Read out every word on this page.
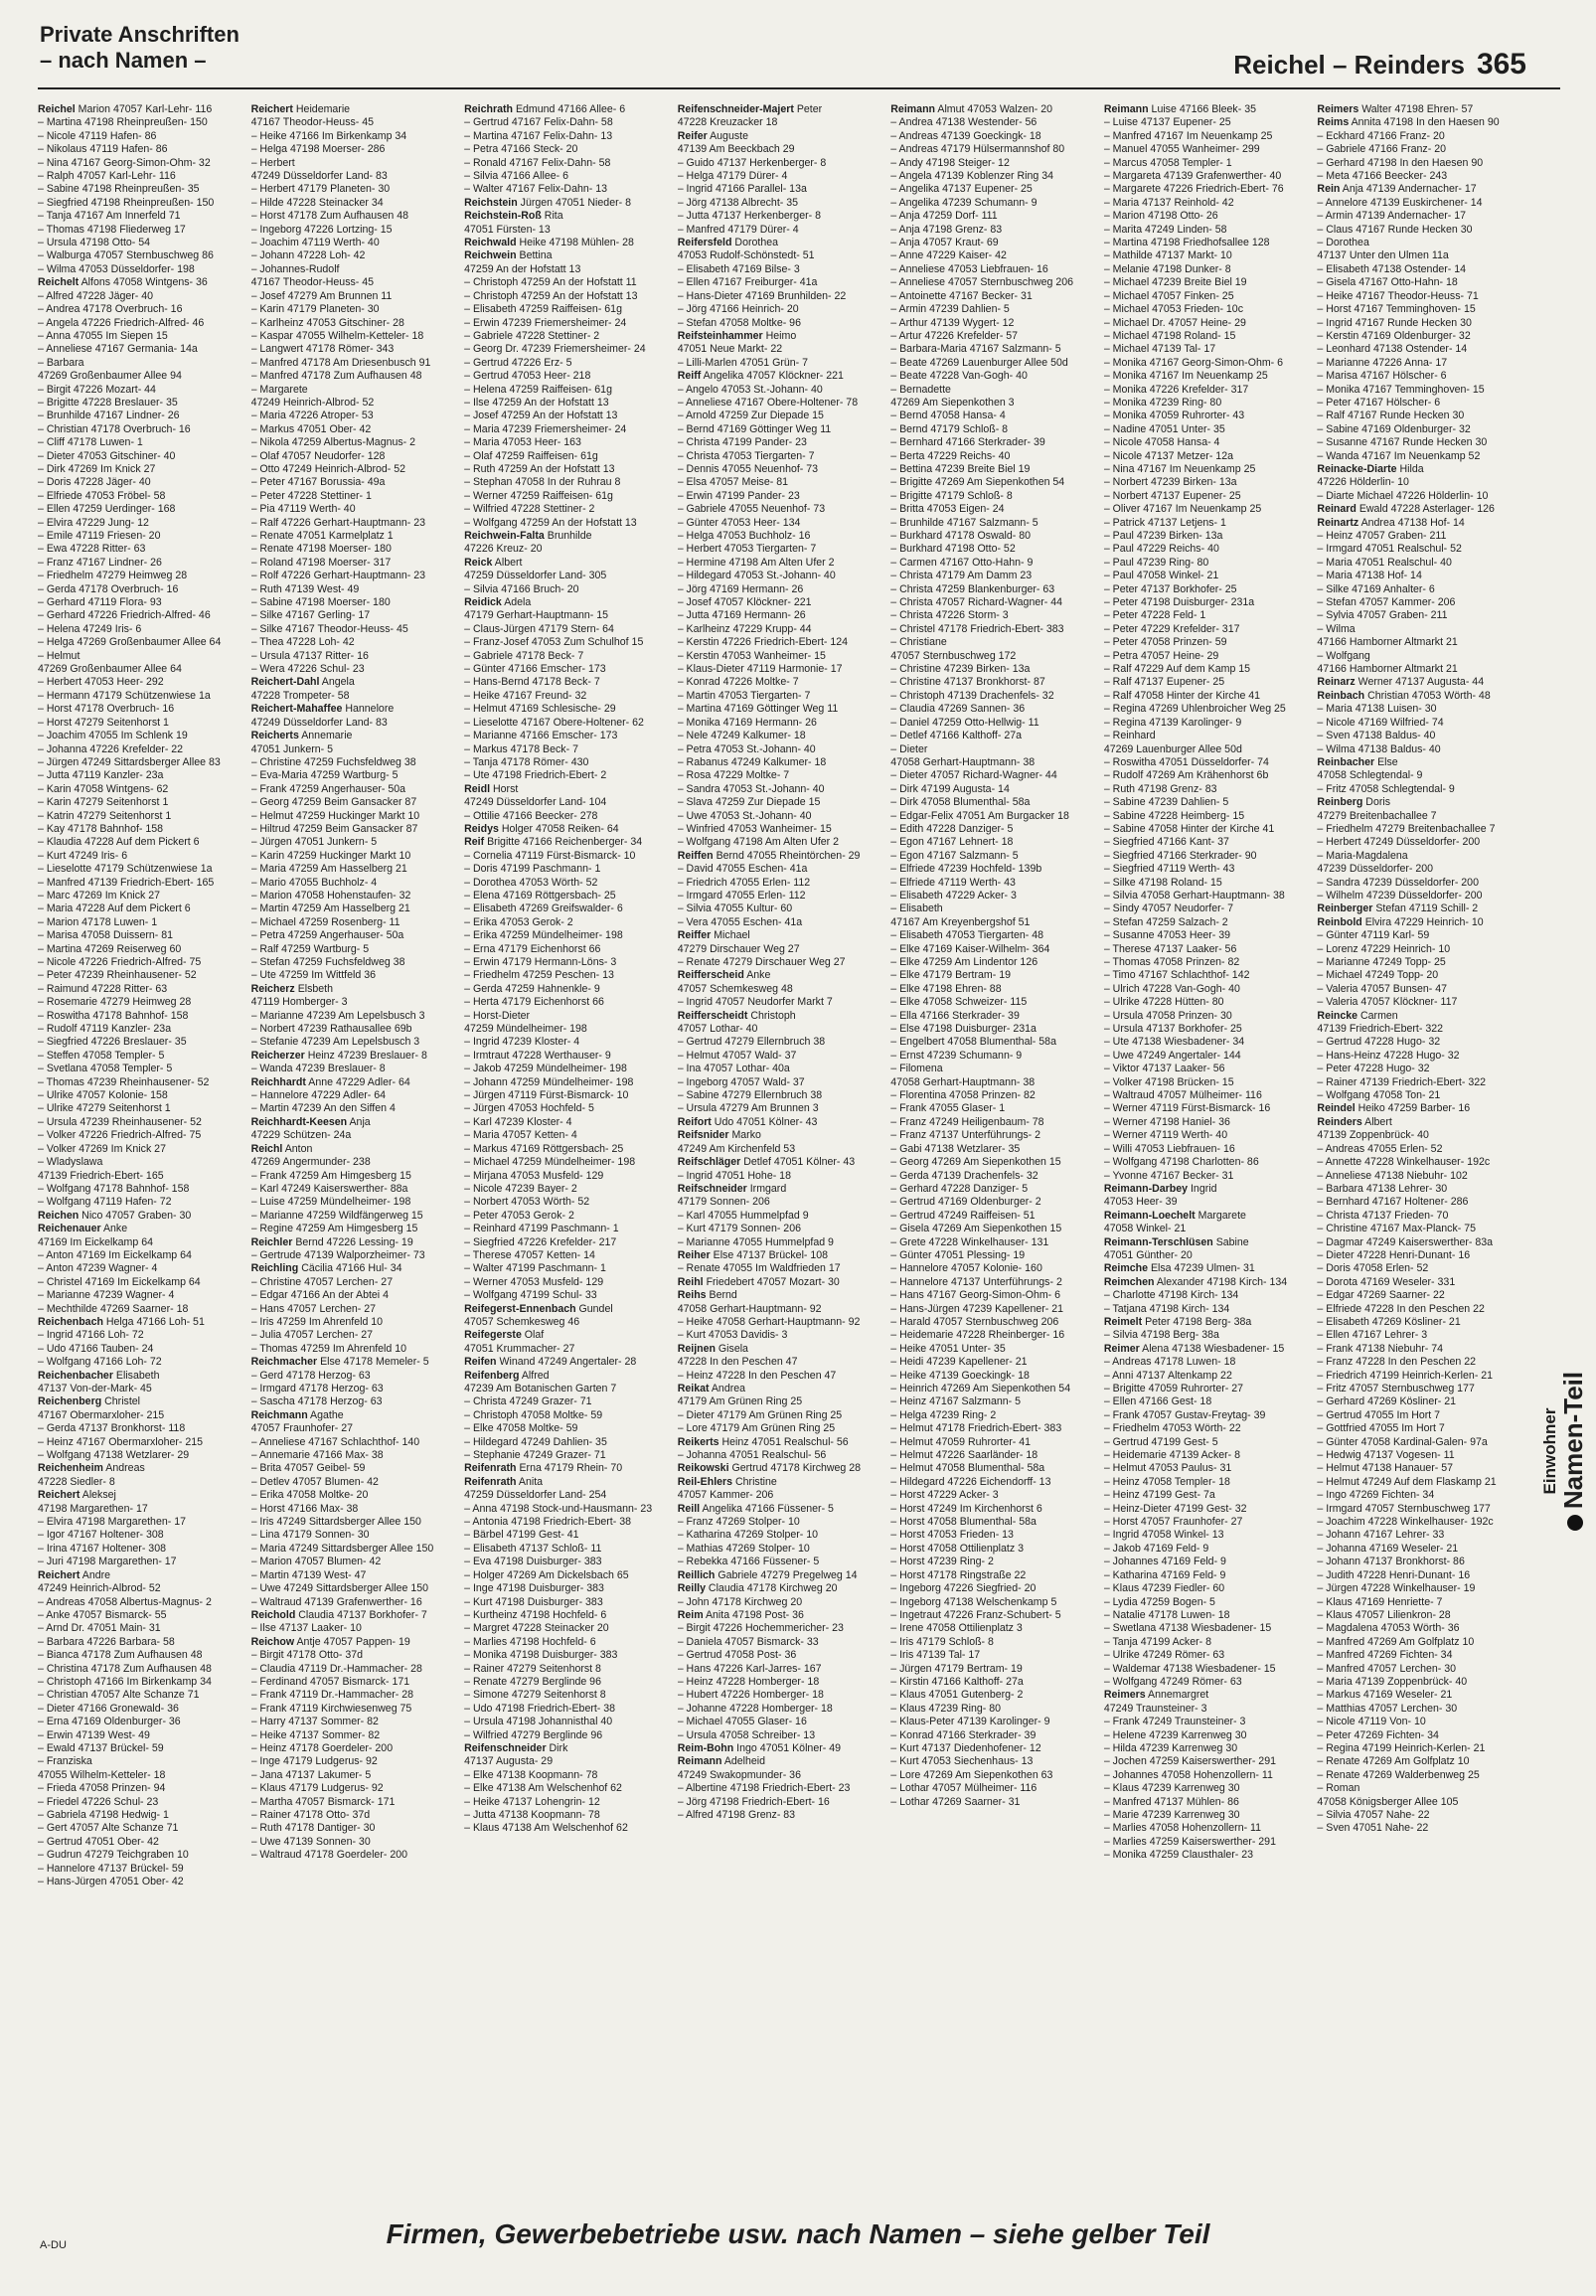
Private Anschriften
– nach Namen –	Reichel – Reinders 365
Reichel Marion 47057 Karl-Lehr- 116
– Martina 47198 Rheinpreußen- 150
– Nicole 47119 Hafen- 86
– Nikolaus 47119 Hafen- 86
– Nina 47167 Georg-Simon-Ohm- 32
– Ralph 47057 Karl-Lehr- 116
– Sabine 47198 Rheinpreußen- 35
– Siegfried 47198 Rheinpreußen- 150
– Tanja 47167 Am Innerfeld 71
– Thomas 47198 Fliederweg 17
– Ursula 47198 Otto- 54
– Walburga 47057 Sternbuschweg 86
– Wilma 47053 Düsseldorfer- 198
Reichelt Alfons 47058 Wintgens- 36
– Alfred 47228 Jäger- 40
– Andrea 47178 Overbruch- 16
– Angela 47226 Friedrich-Alfred- 46
– Anna 47055 Im Siepen 15
– Anneliese 47167 Germania- 14a
– Barbara
47269 Großenbaumer Allee 94
– Birgit 47226 Mozart- 44
– Brigitte 47228 Breslauer- 35
– Brunhilde 47167 Lindner- 26
– Christian 47178 Overbruch- 16
– Cliff 47178 Luwen- 1
– Dieter 47053 Gitschiner- 40
– Dirk 47269 Im Knick 27
– Doris 47228 Jäger- 40
– Elfriede 47053 Fröbel- 58
– Ellen 47259 Uerdinger- 168
– Elvira 47229 Jung- 12
– Emile 47119 Friesen- 20
– Ewa 47228 Ritter- 63
– Franz 47167 Lindner- 26
– Friedhelm 47279 Heimweg 28
– Gerda 47178 Overbruch- 16
– Gerhard 47119 Flora- 93
– Gerhard 47226 Friedrich-Alfred- 46
– Helena 47249 Iris- 6
– Helga 47269 Großenbaumer Allee 64
– Helmut
47269 Großenbaumer Allee 64
– Herbert 47053 Heer- 292
– Hermann 47179 Schützenwiese 1a
– Horst 47178 Overbruch- 16
– Horst 47279 Seitenhorst 1
– Joachim 47055 Im Schlenk 19
– Johanna 47226 Krefelder- 22
– Jürgen 47249 Sittardsberger Allee 83
– Jutta 47119 Kanzler- 23a
– Karin 47058 Wintgens- 62
– Karin 47279 Seitenhorst 1
– Katrin 47279 Seitenhorst 1
– Kay 47178 Bahnhof- 158
– Klaudia 47228 Auf dem Pickert 6
– Kurt 47249 Iris- 6
– Lieselotte 47179 Schützenwiese 1a
– Manfred 47139 Friedrich-Ebert- 165
– Marc 47269 Im Knick 27
– Maria 47228 Auf dem Pickert 6
– Marion 47178 Luwen- 1
– Marisa 47058 Duissern- 81
– Martina 47269 Reiserweg 60
– Nicole 47226 Friedrich-Alfred- 75
– Peter 47239 Rheinhausener- 52
– Raimund 47228 Ritter- 63
– Rosemarie 47279 Heimweg 28
– Roswitha 47178 Bahnhof- 158
– Rudolf 47119 Kanzler- 23a
– Siegfried 47226 Breslauer- 35
– Steffen 47058 Templer- 5
– Svetlana 47058 Templer- 5
– Thomas 47239 Rheinhausener- 52
– Ulrike 47057 Kolonie- 158
– Ulrike 47279 Seitenhorst 1
– Ursula 47239 Rheinhausener- 52
– Volker 47226 Friedrich-Alfred- 75
– Volker 47269 Im Knick 27
– Wladyslawa
47139 Friedrich-Ebert- 165
– Wolfgang 47178 Bahnhof- 158
– Wolfgang 47119 Hafen- 72
Reichen Nico 47057 Graben- 30
Reichenauer Anke
47169 Im Eickelkamp 64
– Anton 47169 Im Eickelkamp 64
– Anton 47239 Wagner- 4
– Christel 47169 Im Eickelkamp 64
– Marianne 47239 Wagner- 4
– Mechthilde 47269 Saarner- 18
Reichenbach Helga 47166 Loh- 51
– Ingrid 47166 Loh- 72
– Udo 47166 Tauben- 24
– Wolfgang 47166 Loh- 72
Reichenbacher Elisabeth
47137 Von-der-Mark- 45
Reichenberg Christel
47167 Obermarxloher- 215
– Gerda 47137 Bronkhorst- 118
– Heinz 47167 Obermarxloher- 215
– Wolfgang 47138 Wetzlarer- 29
Reichenheim Andreas
47228 Siedler- 8
Reichert Aleksej
47198 Margarethen- 17
– Elvira 47198 Margarethen- 17
– Igor 47167 Holtener- 308
– Irina 47167 Holtener- 308
– Juri 47198 Margarethen- 17
Reichert Andre
47249 Heinrich-Albrod- 52
– Andreas 47058 Albertus-Magnus- 2
– Anke 47057 Bismarck- 55
– Arnd Dr. 47051 Main- 31
– Barbara 47226 Barbara- 58
– Bianca 47178 Zum Aufhausen 48
– Christina 47178 Zum Aufhausen 48
– Christoph 47166 Im Birkenkamp 34
– Christian 47057 Alte Schanze 71
– Dieter 47166 Gronewald- 36
– Erna 47169 Oldenburger- 36
– Erwin 47139 West- 49
– Ewald 47137 Brückel- 59
– Franziska
47055 Wilhelm-Ketteler- 18
– Frieda 47058 Prinzen- 94
– Friedel 47226 Schul- 23
– Gabriela 47198 Hedwig- 1
– Gert 47057 Alte Schanze 71
– Gertrud 47051 Ober- 42
– Gudrun 47279 Teichgraben 10
– Hannelore 47137 Brückel- 59
– Hans-Jürgen 47051 Ober- 42
Reichert Heidemarie
47167 Theodor-Heuss- 45
– Heike 47166 Im Birkenkamp 34
– Helga 47198 Moerser- 286
– Herbert
47249 Düsseldorfer Land- 83
– Herbert 47179 Planeten- 30
– Hilde 47228 Steinacker 34
– Horst 47178 Zum Aufhausen 48
– Ingeborg 47226 Lortzing- 15
– Joachim 47119 Werth- 40
– Johann 47228 Loh- 42
– Johannes-Rudolf
47167 Theodor-Heuss- 45
– Josef 47279 Am Brunnen 11
– Karin 47179 Planeten- 30
– Karlheinz 47053 Gitschiner- 28
– Kaspar 47055 Wilhelm-Ketteler- 18
– Langwert 47178 Römer- 343
– Manfred 47178 Am Driesenbusch 91
– Manfred 47178 Zum Aufhausen 48
– Margarete
47249 Heinrich-Albrod- 52
– Maria 47226 Atroper- 53
– Markus 47051 Ober- 42
– Nikola 47259 Albertus-Magnus- 2
– Olaf 47057 Neudorfer- 128
– Otto 47249 Heinrich-Albrod- 52
– Peter 47167 Borussia- 49a
– Peter 47228 Stettiner- 1
– Pia 47119 Werth- 40
– Ralf 47226 Gerhart-Hauptmann- 23
– Renate 47051 Karmelplatz 1
– Renate 47198 Moerser- 180
– Roland 47198 Moerser- 317
– Rolf 47226 Gerhart-Hauptmann- 23
– Ruth 47139 West- 49
– Sabine 47198 Moerser- 180
– Silke 47167 Gerling- 17
– Silke 47167 Theodor-Heuss- 45
– Thea 47228 Loh- 42
– Ursula 47137 Ritter- 16
– Wera 47226 Schul- 23
Reichert-Dahl Angela
47228 Trompeter- 58
Reichert-Mahaffee Hannelore
47249 Düsseldorfer Land- 83
Reicherts Annemarie
47051 Junkern- 5
– Christine 47259 Fuchsfeldweg 38
– Eva-Maria 47259 Wartburg- 5
– Frank 47259 Angerhauser- 50a
– Georg 47259 Beim Gansacker 87
– Helmut 47259 Huckinger Markt 10
– Hiltrud 47259 Beim Gansacker 87
– Jürgen 47051 Junkern- 5
– Karin 47259 Huckinger Markt 10
– Maria 47259 Am Hasselberg 21
– Mario 47055 Buchholz- 4
– Marion 47058 Hohenstaufen- 32
– Martin 47259 Am Hasselberg 21
– Michael 47259 Rosenberg- 11
– Petra 47259 Angerhauser- 50a
– Ralf 47259 Wartburg- 5
– Stefan 47259 Fuchsfeldweg 38
– Ute 47259 Im Wittfeld 36
Reicherz Elsbeth
47119 Homberger- 3
– Marianne 47239 Am Lepelsbusch 3
– Norbert 47239 Rathausallee 69b
– Stefanie 47239 Am Lepelsbusch 3
Reicherzer Heinz 47239 Breslauer- 8
– Wanda 47239 Breslauer- 8
Reichhardt Anne 47229 Adler- 64
– Hannelore 47229 Adler- 64
– Martin 47239 An den Siffen 4
Reichhardt-Keesen Anja
47229 Schützen- 24a
Reichl Anton
47269 Angermunder- 238
– Frank 47259 Am Himgesberg 15
– Karl 47249 Kaiserswerther- 88a
– Luise 47259 Mündelheimer- 198
– Marianne 47259 Wildfängerweg 15
– Regine 47259 Am Himgesberg 15
Reichler Bernd 47226 Lessing- 19
– Gertrude 47139 Walporzheimer- 73
Reichling Cäcilia 47166 Hul- 34
– Christine 47057 Lerchen- 27
– Edgar 47166 An der Abtei 4
– Hans 47057 Lerchen- 27
– Iris 47259 Im Ahrenfeld 10
– Julia 47057 Lerchen- 27
– Thomas 47259 Im Ahrenfeld 10
Reichmacher Else 47178 Memeler- 5
– Gerd 47178 Herzog- 63
– Irmgard 47178 Herzog- 63
– Sascha 47178 Herzog- 63
Reichmann Agathe
47057 Fraunhofer- 27
– Anneliese 47167 Schlachthof- 140
– Annemarie 47166 Max- 38
– Brita 47057 Geibel- 59
– Detlev 47057 Blumen- 42
– Erika 47058 Moltke- 20
– Horst 47166 Max- 38
– Iris 47249 Sittardsberger Allee 150
– Lina 47179 Sonnen- 30
– Maria 47249 Sittardsberger Allee 150
– Marion 47057 Blumen- 42
– Martin 47139 West- 47
– Uwe 47249 Sittardsberger Allee 150
– Waltraud 47139 Grafenwerther- 16
Reichold Claudia 47137 Borkhofer- 7
– Ilse 47137 Laaker- 10
Reichow Antje 47057 Pappen- 19
– Birgit 47178 Otto- 37d
– Claudia 47119 Dr.-Hammacher- 28
– Ferdinand 47057 Bismarck- 171
– Frank 47119 Dr.-Hammacher- 28
– Frank 47119 Kirchwiesenweg 75
– Harry 47137 Sommer- 82
– Heike 47137 Sommer- 82
– Heinz 47178 Goerdeler- 200
– Inge 47179 Ludgerus- 92
– Jana 47137 Lakumer- 5
– Klaus 47179 Ludgerus- 92
– Martha 47057 Bismarck- 171
– Rainer 47178 Otto- 37d
– Ruth 47178 Dantiger- 30
– Uwe 47139 Sonnen- 30
– Waltraud 47178 Goerdeler- 200
Reichrath Edmund 47166 Allee- 6
– Gertrud 47167 Felix-Dahn- 58
– Martina 47167 Felix-Dahn- 13
– Petra 47166 Steck- 20
– Ronald 47167 Felix-Dahn- 58
– Silvia 47166 Allee- 6
– Walter 47167 Felix-Dahn- 13
Reichstein Jürgen 47051 Nieder- 8
Reichstein-Roß Rita
47051 Fürsten- 13
Reichwald Heike 47198 Mühlen- 28
Reichwein Bettina
47259 An der Hofstatt 13
– Christoph 47259 An der Hofstatt 11
– Christoph 47259 An der Hofstatt 13
– Elisabeth 47259 Raiffeisen- 61g
– Erwin 47239 Friemersheimer- 24
– Gabriele 47228 Stettiner- 2
– Georg Dr. 47239 Friemersheimer- 24
– Gertrud 47226 Erz- 5
– Gertrud 47053 Heer- 218
– Helena 47259 Raiffeisen- 61g
– Ilse 47259 An der Hofstatt 13
– Josef 47259 An der Hofstatt 13
– Maria 47239 Friemersheimer- 24
– Maria 47053 Heer- 163
– Olaf 47259 Raiffeisen- 61g
– Ruth 47259 An der Hofstatt 13
– Stephan 47058 In der Ruhrau 8
– Werner 47259 Raiffeisen- 61g
– Wilfried 47228 Stettiner- 2
– Wolfgang 47259 An der Hofstatt 13
Reichwein-Falta Brunhilde
47226 Kreuz- 20
Reick Albert
47259 Düsseldorfer Land- 305
– Silvia 47166 Bruch- 20
Reidick Adela
47179 Gerhart-Hauptmann- 15
– Claus-Jürgen 47179 Stern- 64
– Franz-Josef 47053 Zum Schulhof 15
– Gabriele 47178 Beck- 7
– Günter 47166 Emscher- 173
– Hans-Bernd 47178 Beck- 7
– Heike 47167 Freund- 32
– Helmut 47169 Schlesische- 29
– Lieselotte 47167 Obere-Holtener- 62
– Marianne 47166 Emscher- 173
– Markus 47178 Beck- 7
– Tanja 47178 Römer- 430
– Ute 47198 Friedrich-Ebert- 2
Reidl Horst
47249 Düsseldorfer Land- 104
– Ottilie 47166 Beecker- 278
Reidys Holger 47058 Reiken- 64
Reif Brigitte 47166 Reichenberger- 34
– Cornelia 47119 Fürst-Bismarck- 10
– Doris 47199 Paschmann- 1
– Dorothea 47053 Wörth- 52
– Elena 47169 Röttgersbach- 25
– Elisabeth 47269 Greifswalder- 6
– Erika 47053 Gerok- 2
– Erika 47259 Mündelheimer- 198
– Erna 47179 Eichenhorst 66
– Erwin 47179 Hermann-Löns- 3
– Friedhelm 47259 Peschen- 13
– Gerda 47259 Hahnenkle- 9
– Herta 47179 Eichenhorst 66
– Horst-Dieter
47259 Mündelheimer- 198
– Ingrid 47239 Kloster- 4
– Irmtraut 47228 Werthauser- 9
– Jakob 47259 Mündelheimer- 198
– Johann 47259 Mündelheimer- 198
– Jürgen 47119 Fürst-Bismarck- 10
– Jürgen 47053 Hochfeld- 5
– Karl 47239 Kloster- 4
– Maria 47057 Ketten- 4
– Markus 47169 Röttgersbach- 25
– Michael 47259 Mündelheimer- 198
– Mirjana 47053 Musfeld- 129
– Nicole 47239 Bayer- 2
– Norbert 47053 Wörth- 52
– Peter 47053 Gerok- 2
– Reinhard 47199 Paschmann- 1
– Siegfried 47226 Krefelder- 217
– Therese 47057 Ketten- 14
– Walter 47199 Paschmann- 1
– Werner 47053 Musfeld- 129
– Wolfgang 47199 Schul- 33
Reifegerst-Ennenbach Gundel
47057 Schemkesweg 46
Reifegerste Olaf
47051 Krummacher- 27
Reifen Winand 47249 Angertaler- 28
Reifenberg Alfred
47239 Am Botanischen Garten 7
– Christa 47249 Grazer- 71
– Christoph 47058 Moltke- 59
– Elke 47058 Moltke- 59
– Hildegard 47249 Dahlien- 35
– Stephanie 47249 Grazer- 71
Reifenrath Erna 47179 Rhein- 70
Reifenrath Anita
47259 Düsseldorfer Land- 254
– Anna 47198 Stock-und-Hausmann- 23
– Antonia 47198 Friedrich-Ebert- 38
– Bärbel 47199 Gest- 41
– Elisabeth 47137 Schloß- 11
– Eva 47198 Duisburger- 383
– Holger 47269 Am Dickelsbach 65
– Inge 47198 Duisburger- 383
– Kurt 47198 Duisburger- 383
– Kurtheinz 47198 Hochfeld- 6
– Margret 47228 Steinacker 20
– Marlies 47198 Hochfeld- 6
– Monika 47198 Duisburger- 383
– Rainer 47279 Seitenhorst 8
– Renate 47279 Berglinde 96
– Simone 47279 Seitenhorst 8
– Udo 47198 Friedrich-Ebert- 38
– Ursula 47198 Johannisthal 40
– Wilfried 47279 Berglinde 96
Reifenschneider Dirk
47137 Augusta- 29
– Elke 47138 Koopmann- 78
– Elke 47138 Am Welschenhof 62
– Heike 47137 Lohengrin- 12
– Jutta 47138 Koopmann- 78
– Klaus 47138 Am Welschenhof 62
Reifenschneider-Majert Peter
47228 Kreuzacker 18
Reifer Auguste
47139 Am Beeckbach 29
– Guido 47137 Herkenberger- 8
– Helga 47179 Dürer- 4
– Ingrid 47166 Parallel- 13a
– Jörg 47138 Albrecht- 35
– Jutta 47137 Herkenberger- 8
– Manfred 47179 Dürer- 4
Reifersfeld Dorothea
47053 Rudolf-Schönstedt- 51
– Elisabeth 47169 Bilse- 3
– Ellen 47167 Freiburger- 41a
– Hans-Dieter 47169 Brunhilden- 22
– Jörg 47166 Heinrich- 20
– Stefan 47058 Moltke- 96
Reifsteinhammer Heimo
47051 Neue Markt- 22
– Lilli-Marlen 47051 Grün- 7
Reiff Angelika 47057 Klöckner- 221
– Angelo 47053 St.-Johann- 40
– Anneliese 47167 Obere-Holtener- 78
– Arnold 47259 Zur Diepade 15
– Bernd 47169 Göttinger Weg 11
– Christa 47199 Pander- 23
– Christa 47053 Tiergarten- 7
– Dennis 47055 Neuenhof- 73
– Elsa 47057 Meise- 81
– Erwin 47199 Pander- 23
– Gabriele 47055 Neuenhof- 73
– Günter 47053 Heer- 134
– Helga 47053 Buchholz- 16
– Herbert 47053 Tiergarten- 7
– Hermine 47198 Am Alten Ufer 2
– Hildegard 47053 St.-Johann- 40
– Jörg 47169 Hermann- 26
– Josef 47057 Klöckner- 221
– Jutta 47169 Hermann- 26
– Karlheinz 47229 Krupp- 44
– Kerstin 47226 Friedrich-Ebert- 124
– Kerstin 47053 Wanheimer- 15
– Klaus-Dieter 47119 Harmonie- 17
– Konrad 47226 Moltke- 7
– Martin 47053 Tiergarten- 7
– Martina 47169 Göttinger Weg 11
– Monika 47169 Hermann- 26
– Nele 47249 Kalkumer- 18
– Petra 47053 St.-Johann- 40
– Rabanus 47249 Kalkumer- 18
– Rosa 47229 Moltke- 7
– Sandra 47053 St.-Johann- 40
– Slava 47259 Zur Diepade 15
– Uwe 47053 St.-Johann- 40
– Winfried 47053 Wanheimer- 15
– Wolfgang 47198 Am Alten Ufer 2
Reiffen Bernd 47055 Rheintörchen- 29
– David 47055 Eschen- 41a
– Friedrich 47055 Erlen- 112
– Irmgard 47055 Erlen- 112
– Silvia 47055 Kultur- 60
– Vera 47055 Eschen- 41a
Reiffer Michael
47279 Dirschauer Weg 27
– Renate 47279 Dirschauer Weg 27
Reifferscheid Anke
47057 Schemkesweg 48
– Ingrid 47057 Neudorfer Markt 7
Reifferscheidt Christoph
47057 Lothar- 40
– Gertrud 47279 Ellernbruch 38
– Helmut 47057 Wald- 37
– Ina 47057 Lothar- 40a
– Ingeborg 47057 Wald- 37
– Sabine 47279 Ellernbruch 38
– Ursula 47279 Am Brunnen 3
Reifort Udo 47051 Kölner- 43
Reifsnider Marko
47249 Am Kirchenfeld 53
Reifschläger Detlef 47051 Kölner- 43
– Ingrid 47051 Hohe- 18
Reifschneider Irmgard
47179 Sonnen- 206
– Karl 47055 Hummelpfad 9
– Kurt 47179 Sonnen- 206
– Marianne 47055 Hummelpfad 9
Reiher Else 47137 Brückel- 108
– Renate 47055 Im Waldfrieden 17
Reihl Friedebert 47057 Mozart- 30
Reihs Bernd
47058 Gerhart-Hauptmann- 92
– Heike 47058 Gerhart-Hauptmann- 92
– Kurt 47053 Davidis- 3
Reijnen Gisela
47228 In den Peschen 47
– Heinz 47228 In den Peschen 47
Reikat Andrea
47179 Am Grünen Ring 25
– Dieter 47179 Am Grünen Ring 25
– Lore 47179 Am Grünen Ring 25
Reikerts Heinz 47051 Realschul- 56
– Johanna 47051 Realschul- 56
Reikowski Gertrud 47178 Kirchweg 28
Reil-Ehlers Christine
47057 Kammer- 206
Reill Angelika 47166 Füssener- 5
– Franz 47269 Stolper- 10
– Katharina 47269 Stolper- 10
– Mathias 47269 Stolper- 10
– Rebekka 47166 Füssener- 5
Reillich Gabriele 47279 Pregelweg 14
Reilly Claudia 47178 Kirchweg 20
– John 47178 Kirchweg 20
Reim Anita 47198 Post- 36
– Birgit 47226 Hochemmericher- 23
– Daniela 47057 Bismarck- 33
– Gertrud 47058 Post- 36
– Hans 47226 Karl-Jarres- 167
– Heinz 47228 Homberger- 18
– Hubert 47226 Homberger- 18
– Johanne 47228 Homberger- 18
– Michael 47055 Glaser- 16
– Ursula 47058 Schreiber- 13
Reim-Bohn Ingo 47051 Kölner- 49
Reimann Adelheid
47249 Swakopmunder- 36
– Albertine 47198 Friedrich-Ebert- 23
– Jörg 47198 Friedrich-Ebert- 16
– Alfred 47198 Grenz- 83
Reimann Almut 47053 Walzen- 20
– Andrea 47138 Westender- 56
– Andreas 47139 Goeckingk- 18
– Andreas 47179 Hülsermannshof 80
– Andy 47198 Steiger- 12
– Angela 47139 Koblenzer Ring 34
– Angelika 47137 Eupener- 25
– Angelika 47239 Schumann- 9
– Anja 47259 Dorf- 111
– Anja 47198 Grenz- 83
– Anja 47057 Kraut- 69
– Anne 47229 Kaiser- 42
– Anneliese 47053 Liebfrauen- 16
– Anneliese 47057 Sternbuschweg 206
– Antoinette 47167 Becker- 31
– Armin 47239 Dahlien- 5
– Arthur 47139 Wygert- 12
– Artur 47226 Krefelder- 57
– Barbara-Maria 47167 Salzmann- 5
– Beate 47269 Lauenburger Allee 50d
– Beate 47228 Van-Gogh- 40
– Bernadette
47269 Am Siepenkothen 3
– Bernd 47058 Hansa- 4
– Bernd 47179 Schloß- 8
– Bernhard 47166 Sterkrader- 39
– Berta 47229 Reichs- 40
– Bettina 47239 Breite Biel 19
– Brigitte 47269 Am Siepenkothen 54
– Brigitte 47179 Schloß- 8
– Britta 47053 Eigen- 24
– Brunhilde 47167 Salzmann- 5
– Burkhard 47178 Oswald- 80
– Burkhard 47198 Otto- 52
– Carmen 47167 Otto-Hahn- 9
– Christa 47179 Am Damm 23
– Christa 47259 Blankenburger- 63
– Christa 47057 Richard-Wagner- 44
– Christa 47226 Storm- 3
– Christel 47178 Friedrich-Ebert- 383
– Christiane
47057 Sternbuschweg 172
– Christine 47239 Birken- 13a
– Christine 47137 Bronkhorst- 87
– Christoph 47139 Drachenfels- 32
– Claudia 47269 Sannen- 36
– Daniel 47259 Otto-Hellwig- 11
– Detlef 47166 Kalthoff- 27a
– Dieter
47058 Gerhart-Hauptmann- 38
– Dieter 47057 Richard-Wagner- 44
– Dirk 47199 Augusta- 14
– Dirk 47058 Blumenthal- 58a
– Edgar-Felix 47051 Am Burgacker 18
– Edith 47228 Danziger- 5
– Egon 47167 Lehnert- 18
– Egon 47167 Salzmann- 5
– Elfriede 47239 Hochfeld- 139b
– Elfriede 47119 Werth- 43
– Elisabeth 47229 Acker- 3
– Elisabeth
47167 Am Kreyenbergshof 51
– Elisabeth 47053 Tiergarten- 48
– Elke 47169 Kaiser-Wilhelm- 364
– Elke 47259 Am Lindentor 126
– Elke 47179 Bertram- 19
– Elke 47198 Ehren- 88
– Elke 47058 Schweizer- 115
– Ella 47166 Sterkrader- 39
– Else 47198 Duisburger- 231a
– Engelbert 47058 Blumenthal- 58a
– Ernst 47239 Schumann- 9
– Filomena
47058 Gerhart-Hauptmann- 38
– Florentina 47058 Prinzen- 82
– Frank 47055 Glaser- 1
– Franz 47249 Heiligenbaum- 78
– Franz 47137 Unterführungs- 2
– Gabi 47138 Wetzlarer- 35
– Georg 47269 Am Siepenkothen 15
– Gerda 47139 Drachenfels- 32
– Gerhard 47228 Danziger- 5
– Gertrud 47169 Oldenburger- 2
– Gertrud 47249 Raiffeisen- 51
– Gisela 47269 Am Siepenkothen 15
– Grete 47228 Winkelhauser- 131
– Günter 47051 Plessing- 19
– Hannelore 47057 Kolonie- 160
– Hannelore 47137 Unterführungs- 2
– Hans 47167 Georg-Simon-Ohm- 6
– Hans-Jürgen 47239 Kapellener- 21
– Harald 47057 Sternbuschweg 206
– Heidemarie 47228 Rheinberger- 16
– Heike 47051 Unter- 35
– Heidi 47239 Kapellener- 21
– Heike 47139 Goeckingk- 18
– Heinrich 47269 Am Siepenkothen 54
– Heinz 47167 Salzmann- 5
– Helga 47239 Ring- 2
– Helmut 47178 Friedrich-Ebert- 383
– Helmut 47059 Ruhrorter- 41
– Helmut 47226 Saarländer- 18
– Helmut 47058 Blumenthal- 58a
– Hildegard 47226 Eichendorff- 13
– Horst 47229 Acker- 3
– Horst 47249 Im Kirchenhorst 6
– Horst 47058 Blumenthal- 58a
– Horst 47053 Frieden- 13
– Horst 47058 Ottilienplatz 3
– Horst 47239 Ring- 2
– Horst 47178 Ringstraße 22
– Ingeborg 47226 Siegfried- 20
– Ingeborg 47138 Welschenkamp 5
– Ingetraut 47226 Franz-Schubert- 5
– Irene 47058 Ottilienplatz 3
– Iris 47179 Schloß- 8
– Iris 47139 Tal- 17
– Jürgen 47179 Bertram- 19
– Kirstin 47166 Kalthoff- 27a
– Klaus 47051 Gutenberg- 2
– Klaus 47239 Ring- 80
– Klaus-Peter 47139 Karolinger- 9
– Konrad 47166 Sterkrader- 39
– Kurt 47137 Diedenhofener- 12
– Kurt 47053 Siechenhaus- 13
– Lore 47269 Am Siepenkothen 63
– Lothar 47057 Mülheimer- 116
– Lothar 47269 Saarner- 31
Reimann Luise 47166 Bleek- 35
– Luise 47137 Eupener- 25
– Manfred 47167 Im Neuenkamp 25
– Manuel 47055 Wanheimer- 299
– Marcus 47058 Templer- 1
– Margareta 47139 Grafenwerther- 40
– Margarete 47226 Friedrich-Ebert- 76
– Maria 47137 Reinhold- 42
– Marion 47198 Otto- 26
– Marita 47249 Linden- 58
– Martina 47198 Friedhofsallee 128
– Mathilde 47137 Markt- 10
– Melanie 47198 Dunker- 8
– Michael 47239 Breite Biel 19
– Michael 47057 Finken- 25
– Michael 47053 Frieden- 10c
– Michael Dr. 47057 Heine- 29
– Michael 47198 Roland- 15
– Michael 47139 Tal- 17
– Monika 47167 Georg-Simon-Ohm- 6
– Monika 47167 Im Neuenkamp 25
– Monika 47226 Krefelder- 317
– Monika 47239 Ring- 80
– Monika 47059 Ruhrorter- 43
– Nadine 47051 Unter- 35
– Nicole 47058 Hansa- 4
– Nicole 47137 Metzer- 12a
– Nina 47167 Im Neuenkamp 25
– Norbert 47239 Birken- 13a
– Norbert 47137 Eupener- 25
– Oliver 47167 Im Neuenkamp 25
– Patrick 47137 Letjens- 1
– Paul 47239 Birken- 13a
– Paul 47229 Reichs- 40
– Paul 47239 Ring- 80
– Paul 47058 Winkel- 21
– Peter 47137 Borkhofer- 25
– Peter 47198 Duisburger- 231a
– Peter 47228 Feld- 1
– Peter 47229 Krefelder- 317
– Peter 47058 Prinzen- 59
– Petra 47057 Heine- 29
– Ralf 47229 Auf dem Kamp 15
– Ralf 47137 Eupener- 25
– Ralf 47058 Hinter der Kirche 41
– Regina 47269 Uhlenbroicher Weg 25
– Regina 47139 Karolinger- 9
– Reinhard
47269 Lauenburger Allee 50d
– Roswitha 47051 Düsseldorfer- 74
– Rudolf 47269 Am Krähenhorst 6b
– Ruth 47198 Grenz- 83
– Sabine 47239 Dahlien- 5
– Sabine 47228 Heimberg- 15
– Sabine 47058 Hinter der Kirche 41
– Siegfried 47166 Kant- 37
– Siegfried 47166 Sterkrader- 90
– Siegfried 47119 Werth- 43
– Silke 47198 Roland- 15
– Silvia 47058 Gerhart-Hauptmann- 38
– Sindy 47057 Neudorfer- 7
– Stefan 47259 Salzach- 2
– Susanne 47053 Heer- 39
– Therese 47137 Laaker- 56
– Thomas 47058 Prinzen- 82
– Timo 47167 Schlachthof- 142
– Ulrich 47228 Van-Gogh- 40
– Ulrike 47228 Hütten- 80
– Ursula 47058 Prinzen- 30
– Ursula 47137 Borkhofer- 25
– Ute 47138 Wiesbadener- 34
– Uwe 47249 Angertaler- 144
– Viktor 47137 Laaker- 56
– Volker 47198 Brücken- 15
– Waltraud 47057 Mülheimer- 116
– Werner 47119 Fürst-Bismarck- 16
– Werner 47198 Haniel- 36
– Werner 47119 Werth- 40
– Willi 47053 Liebfrauen- 16
– Wolfgang 47198 Charlotten- 86
– Yvonne 47167 Becker- 31
Reimann-Darbey Ingrid
47053 Heer- 39
Reimann-Loechelt Margarete
47058 Winkel- 21
Reimann-Terschlüsen Sabine
47051 Günther- 20
Reimche Elsa 47239 Ulmen- 31
Reimchen Alexander 47198 Kirch- 134
– Charlotte 47198 Kirch- 134
– Tatjana 47198 Kirch- 134
Reimelt Peter 47198 Berg- 38a
– Silvia 47198 Berg- 38a
Reimer Alena 47138 Wiesbadener- 15
– Andreas 47178 Luwen- 18
– Anni 47137 Altenkamp 22
– Brigitte 47059 Ruhrorter- 27
– Ellen 47166 Gest- 18
– Frank 47057 Gustav-Freytag- 39
– Friedhelm 47053 Wörth- 22
– Gertrud 47199 Gest- 5
– Heidemarie 47139 Acker- 8
– Helmut 47053 Paulus- 31
– Heinz 47058 Templer- 18
– Heinz 47199 Gest- 7a
– Heinz-Dieter 47199 Gest- 32
– Horst 47057 Fraunhofer- 27
– Ingrid 47058 Winkel- 13
– Jakob 47169 Feld- 9
– Johannes 47169 Feld- 9
– Katharina 47169 Feld- 9
– Klaus 47239 Fiedler- 60
– Lydia 47259 Bogen- 5
– Natalie 47178 Luwen- 18
– Swetlana 47138 Wiesbadener- 15
– Tanja 47199 Acker- 8
– Ulrike 47249 Römer- 63
– Waldemar 47138 Wiesbadener- 15
– Wolfgang 47249 Römer- 63
Reimers Annemargret
47249 Traunsteiner- 3
– Frank 47249 Traunsteiner- 3
– Helene 47239 Karrenweg 30
– Hilda 47239 Karrenweg 30
– Jochen 47259 Kaiserswerther- 291
– Johannes 47058 Hohenzollern- 11
– Klaus 47239 Karrenweg 30
– Manfred 47137 Mühlen- 86
– Marie 47239 Karrenweg 30
– Marlies 47058 Hohenzollern- 11
– Marlies 47259 Kaiserswerther- 291
– Monika 47259 Clausthaler- 23
Reimers Walter 47198 Ehren- 57
Reims Annita 47198 In den Haesen 90
– Eckhard 47166 Franz- 20
– Gabriele 47166 Franz- 20
– Gerhard 47198 In den Haesen 90
– Meta 47166 Beecker- 243
Rein Anja 47139 Andernacher- 17
– Annelore 47139 Euskirchener- 14
– Armin 47139 Andernacher- 17
– Claus 47167 Runde Hecken 30
– Dorothea
47137 Unter den Ulmen 11a
– Elisabeth 47138 Ostender- 14
– Gisela 47167 Otto-Hahn- 18
– Heike 47167 Theodor-Heuss- 71
– Horst 47167 Temminghoven- 15
– Ingrid 47167 Runde Hecken 30
– Kerstin 47169 Oldenburger- 32
– Leonhard 47138 Ostender- 14
– Marianne 47226 Anna- 17
– Marisa 47167 Hölscher- 6
– Monika 47167 Temminghoven- 15
– Peter 47167 Hölscher- 6
– Ralf 47167 Runde Hecken 30
– Sabine 47169 Oldenburger- 32
– Susanne 47167 Runde Hecken 30
– Wanda 47167 Im Neuenkamp 52
Reinacke-Diarte Hilda
47226 Hölderlin- 10
– Diarte Michael 47226 Hölderlin- 10
Reinard Ewald 47228 Asterlager- 126
Reinartz Andrea 47138 Hof- 14
– Heinz 47057 Graben- 211
– Irmgard 47051 Realschul- 52
– Maria 47051 Realschul- 40
– Maria 47138 Hof- 14
– Silke 47169 Anhalter- 6
– Stefan 47057 Kammer- 206
– Sylvia 47057 Graben- 211
– Wilma
47166 Hamborner Altmarkt 21
– Wolfgang
47166 Hamborner Altmarkt 21
Reinarz Werner 47137 Augusta- 44
Reinbach Christian 47053 Wörth- 48
– Maria 47138 Luisen- 30
– Nicole 47169 Wilfried- 74
– Sven 47138 Baldus- 40
– Wilma 47138 Baldus- 40
Reinbacher Else
47058 Schlegtendal- 9
– Fritz 47058 Schlegtendal- 9
Reinberg Doris
47279 Breitenbachallee 7
– Friedhelm 47279 Breitenbachallee 7
– Herbert 47249 Düsseldorfer- 200
– Maria-Magdalena
47239 Düsseldorfer- 200
– Sandra 47239 Düsseldorfer- 200
– Wilhelm 47239 Düsseldorfer- 200
Reinberger Stefan 47119 Schill- 2
Reinbold Elvira 47229 Heinrich- 10
– Günter 47119 Karl- 59
– Lorenz 47229 Heinrich- 10
– Marianne 47249 Topp- 25
– Michael 47249 Topp- 20
– Valeria 47057 Bunsen- 47
– Valeria 47057 Klöckner- 117
Reincke Carmen
47139 Friedrich-Ebert- 322
– Gertrud 47228 Hugo- 32
– Hans-Heinz 47228 Hugo- 32
– Peter 47228 Hugo- 32
– Rainer 47139 Friedrich-Ebert- 322
– Wolfgang 47058 Ton- 21
Reindel Heiko 47259 Barber- 16
Reinders Albert
47139 Zoppenbrück- 40
– Andreas 47055 Erlen- 52
– Annette 47228 Winkelhauser- 192c
– Anneliese 47138 Niebuhr- 102
– Barbara 47138 Lehrer- 30
– Bernhard 47167 Holtener- 286
– Christa 47137 Frieden- 70
– Christine 47167 Max-Planck- 75
– Dagmar 47249 Kaiserswerther- 83a
– Dieter 47228 Henri-Dunant- 16
– Doris 47058 Erlen- 52
– Dorota 47169 Weseler- 331
– Edgar 47269 Saarner- 22
– Elfriede 47228 In den Peschen 22
– Elisabeth 47269 Kösliner- 21
– Ellen 47167 Lehrer- 3
– Frank 47138 Niebuhr- 74
– Franz 47228 In den Peschen 22
– Friedrich 47199 Heinrich-Kerlen- 21
– Fritz 47057 Sternbuschweg 177
– Gerhard 47269 Kösliner- 21
– Gertrud 47055 Im Hort 7
– Gottfried 47055 Im Hort 7
– Günter 47058 Kardinal-Galen- 97a
– Hedwig 47137 Vogesen- 11
– Helmut 47138 Hanauer- 57
– Helmut 47249 Auf dem Flaskamp 21
– Ingo 47269 Fichten- 34
– Irmgard 47057 Sternbuschweg 177
– Joachim 47228 Winkelhauser- 192c
– Johann 47167 Lehrer- 33
– Johanna 47169 Weseler- 21
– Johann 47137 Bronkhorst- 86
– Judith 47228 Henri-Dunant- 16
– Jürgen 47228 Winkelhauser- 19
– Klaus 47169 Henriette- 7
– Klaus 47057 Lilienkron- 28
– Magdalena 47053 Wörth- 36
– Manfred 47269 Am Golfplatz 10
– Manfred 47269 Fichten- 34
– Manfred 47057 Lerchen- 30
– Maria 47139 Zoppenbrück- 40
– Markus 47169 Weseler- 21
– Matthias 47057 Lerchen- 30
– Nicole 47119 Von- 10
– Peter 47269 Fichten- 34
– Regina 47199 Heinrich-Kerlen- 21
– Renate 47269 Am Golfplatz 10
– Renate 47269 Walderbenweg 25
– Roman
47058 Königsberger Allee 105
– Silvia 47057 Nahe- 22
– Sven 47051 Nahe- 22
Einwohner Namen-Teil
A-DU	Firmen, Gewerbebetriebe usw. nach Namen – siehe gelber Teil
